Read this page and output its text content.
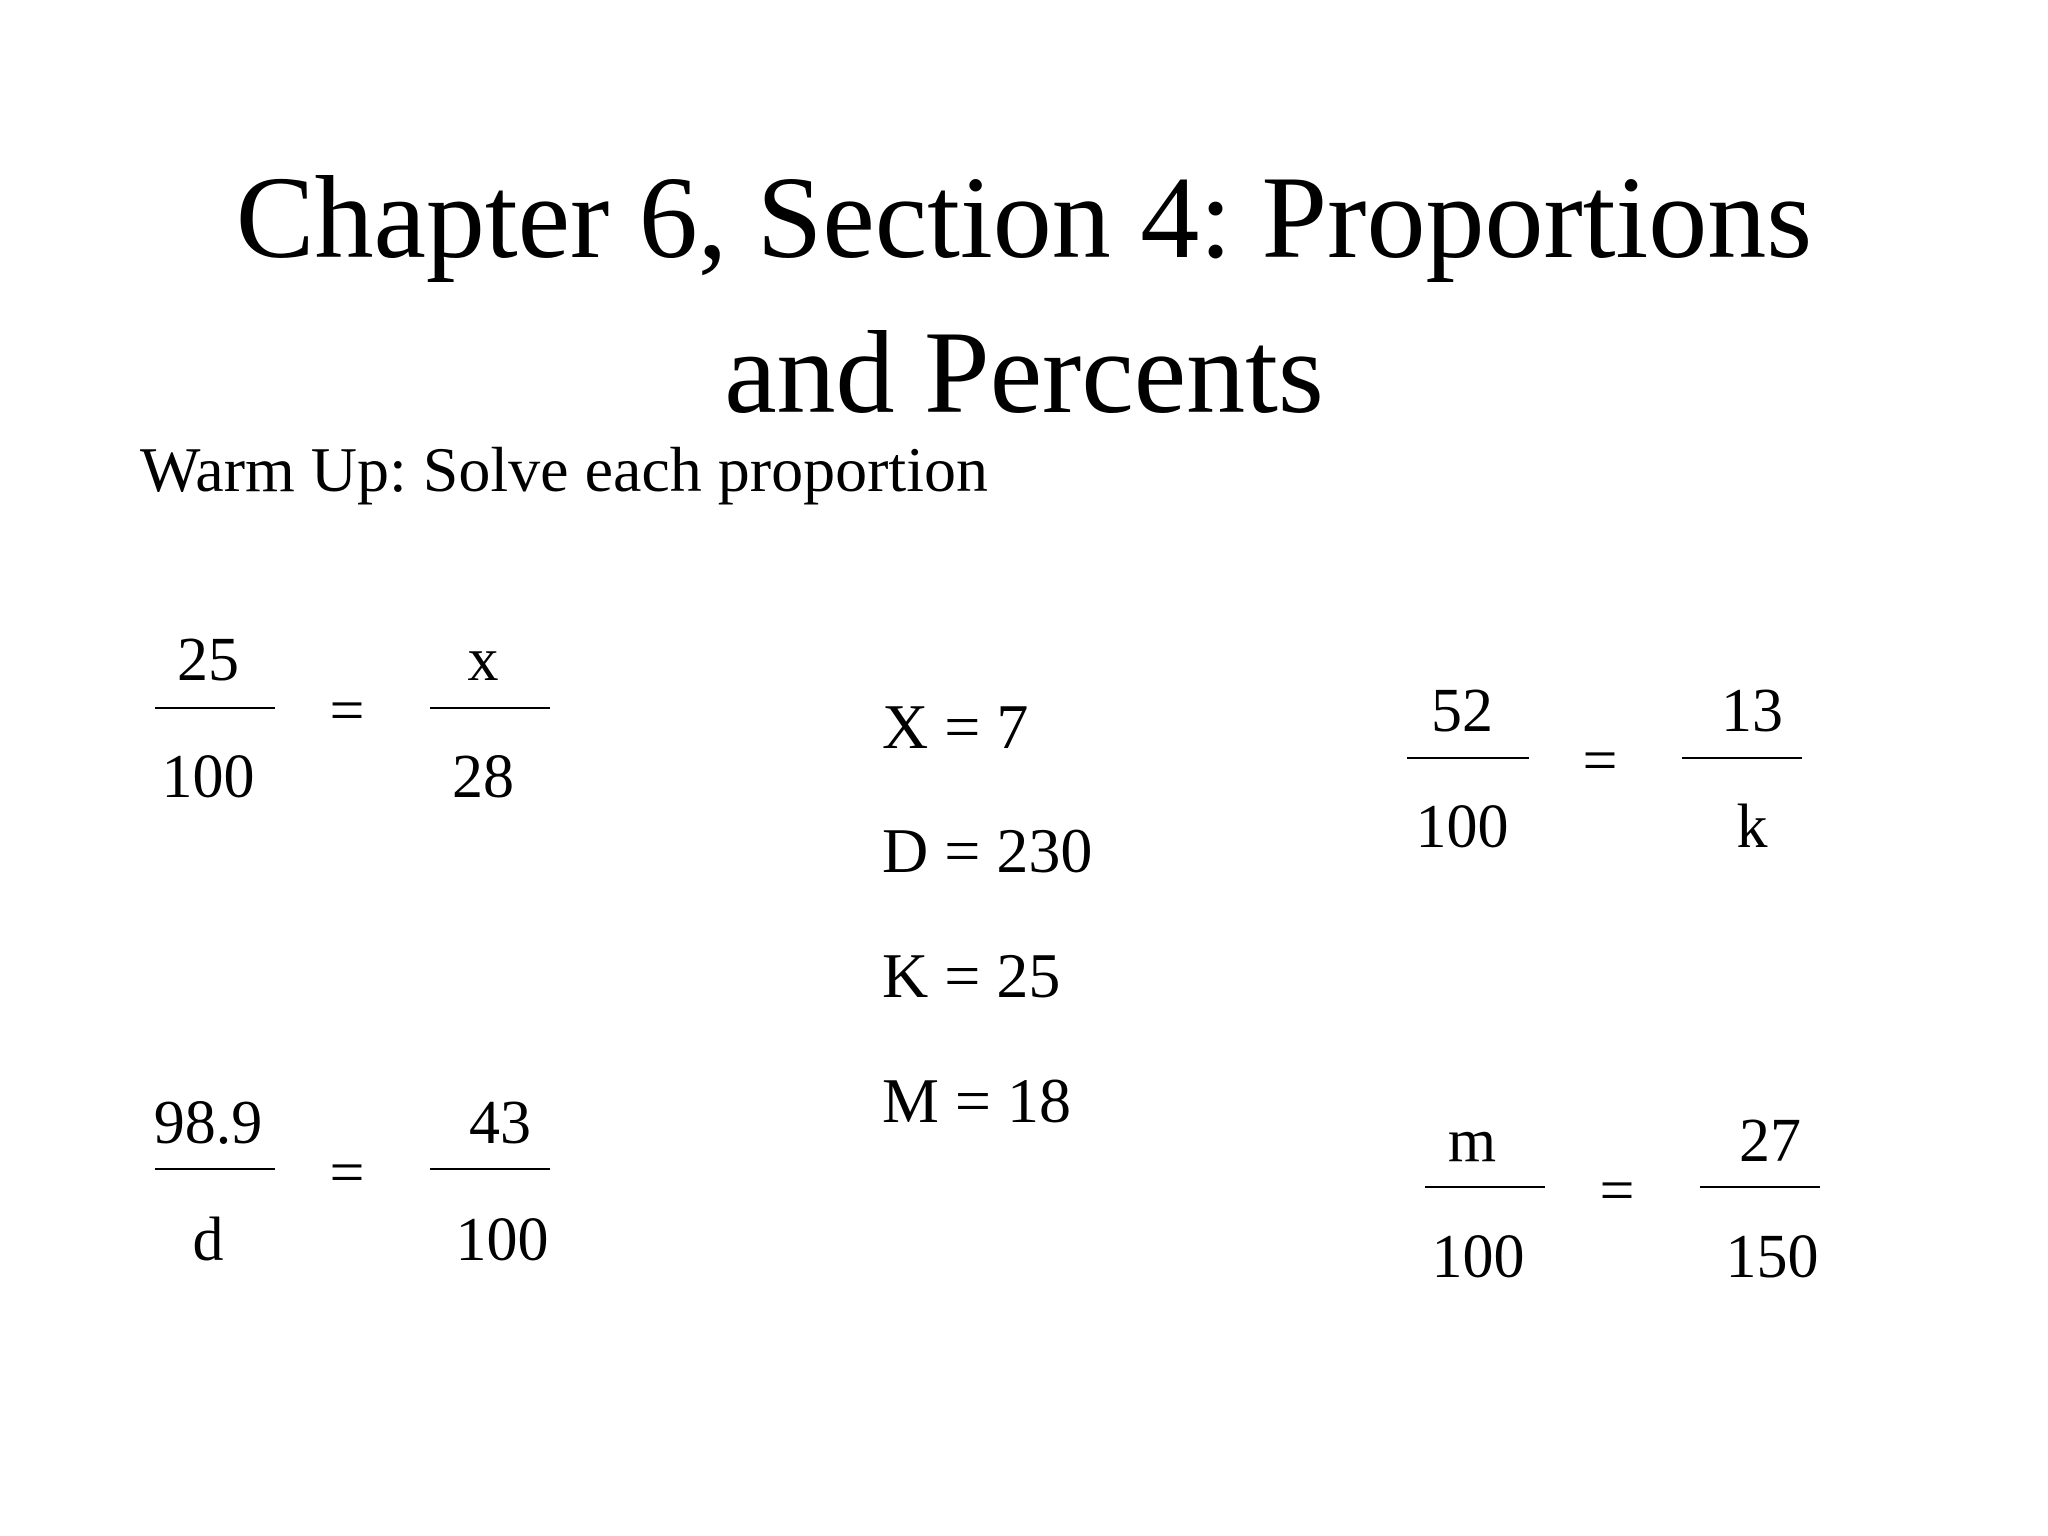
Chapter 6, Section 4: Proportions
and Percents
Warm Up: Solve each proportion
25
100
=
x
28
52
100
=
13
k
98.9
d
=
43
100
m
100
=
27
150
X = 7
D = 230
K = 25
M = 18
